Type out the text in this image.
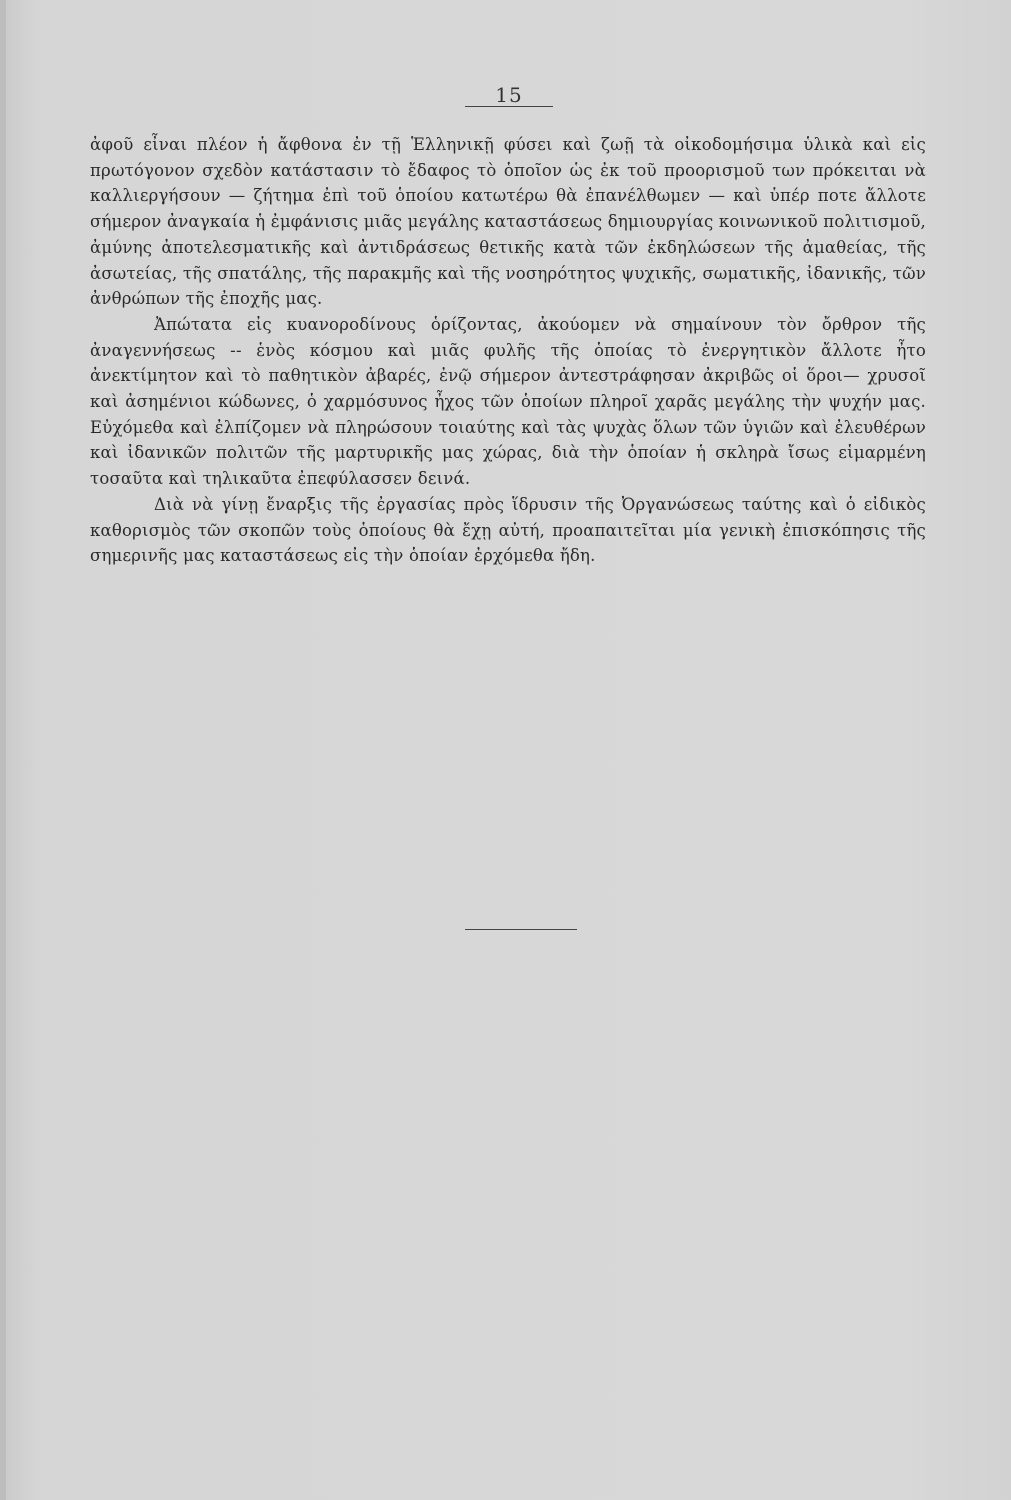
15

ἀφοῦ εἶναι πλέον ἡ ἄφθονα ἐν τῇ Ἑλληνικῇ φύσει καὶ ζωῇ τὰ οἰκοδομήσιμα ὑλικὰ καὶ εἰς πρωτόγονον σχεδὸν κατάστασιν τὸ ἔδαφος τὸ ὁποῖον ὡς ἐκ τοῦ προορισμοῦ των πρόκειται νὰ καλλιεργήσουν — ζήτημα ἐπὶ τοῦ ὁποίου κατωτέρω θὰ ἐπανέλθωμεν — καὶ ὑπέρ ποτε ἄλλοτε σήμερον ἀναγκαία ἡ ἐμφάνισις μιᾶς μεγάλης καταστάσεως δημιουργίας κοινωνικοῦ πολιτισμοῦ, ἀμύνης ἀποτελεσματικῆς καὶ ἀντιδράσεως θετικῆς κατὰ τῶν ἐκδηλώσεων τῆς ἀμαθείας, τῆς ἀσωτείας, τῆς σπατάλης, τῆς παρακμῆς καὶ τῆς νοσηρότητος ψυχικῆς, σωματικῆς, ἰδανικῆς, τῶν ἀνθρώπων τῆς ἐποχῆς μας.

Ἀπώτατα εἰς κυανοροδίνους ὁρίζοντας, ἀκούομεν νὰ σημαίνουν τὸν ὄρθρον τῆς ἀναγεννήσεως -- ἑνὸς κόσμου καὶ μιᾶς φυλῆς τῆς ὁποίας τὸ ἐνεργητικὸν ἄλλοτε ἦτο ἀνεκτίμητον καὶ τὸ παθητικὸν ἀβαρές, ἐνῷ σήμερον ἀντεστράφησαν ἀκριβῶς οἱ ὅροι— χρυσοῖ καὶ ἀσημένιοι κώδωνες, ὁ χαρμόσυνος ἦχος τῶν ὁποίων πληροῖ χαρᾶς μεγάλης τὴν ψυχήν μας. Εὐχόμεθα καὶ ἐλπίζομεν νὰ πληρώσουν τοιαύτης καὶ τὰς ψυχὰς ὅλων τῶν ὑγιῶν καὶ ἐλευθέρων καὶ ἰδανικῶν πολιτῶν τῆς μαρτυρικῆς μας χώρας, διὰ τὴν ὁποίαν ἡ σκληρὰ ἴσως εἱμαρμένη τοσαῦτα καὶ τηλικαῦτα ἐπεφύλασσεν δεινά.

Διὰ νὰ γίνῃ ἔναρξις τῆς ἐργασίας πρὸς ἵδρυσιν τῆς Ὀργανώσεως ταύτης καὶ ὁ εἰδικὸς καθορισμὸς τῶν σκοπῶν τοὺς ὁποίους θὰ ἔχῃ αὐτή, προαπαιτεῖται μία γενικὴ ἐπισκόπησις τῆς σημερινῆς μας καταστάσεως εἰς τὴν ὁποίαν ἐρχόμεθα ἤδη.
